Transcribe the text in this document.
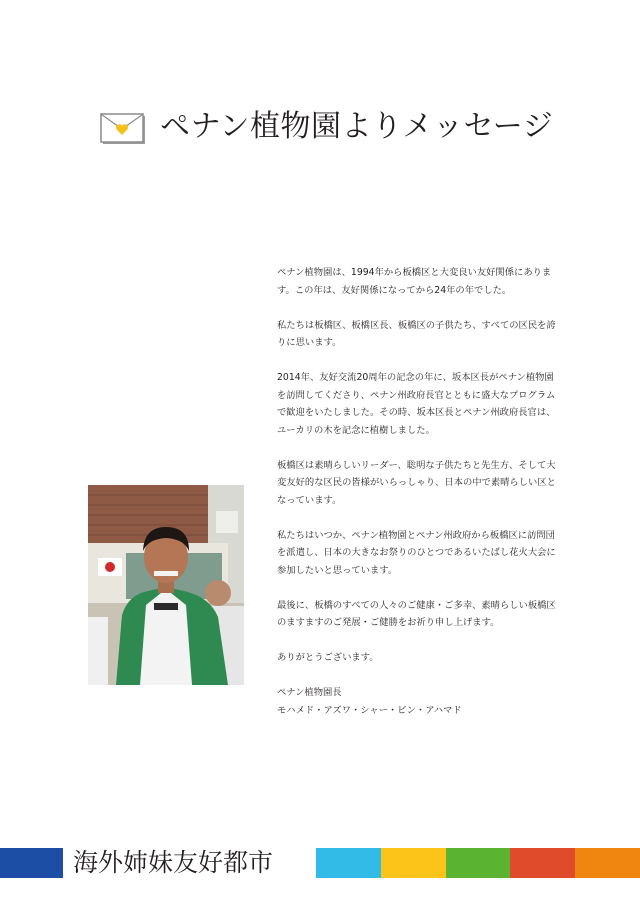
ペナン植物園よりメッセージ

ペナン植物園は、1994年から板橋区と大変良い友好関係にあります。この年は、友好関係になってから24年の年でした。

私たちは板橋区、板橋区長、板橋区の子供たち、すべての区民を誇りに思います。

2014年、友好交流20周年の記念の年に、坂本区長がペナン植物園を訪問してくださり、ペナン州政府長官とともに盛大なプログラムで歓迎をいたしました。その時、坂本区長とペナン州政府長官は、ユーカリの木を記念に植樹しました。

板橋区は素晴らしいリーダー、聡明な子供たちと先生方、そして大変友好的な区民の皆様がいらっしゃり、日本の中で素晴らしい区となっています。

私たちはいつか、ペナン植物園とペナン州政府から板橋区に訪問団を派遣し、日本の大きなお祭りのひとつであるいたばし花火大会に参加したいと思っています。

最後に、板橋のすべての人々のご健康・ご多幸、素晴らしい板橋区のますますのご発展・ご健勝をお祈り申し上げます。

ありがとうございます。

ペナン植物園長
モハメド・アズワ・シャー・ビン・アハマド

海外姉妹友好都市
